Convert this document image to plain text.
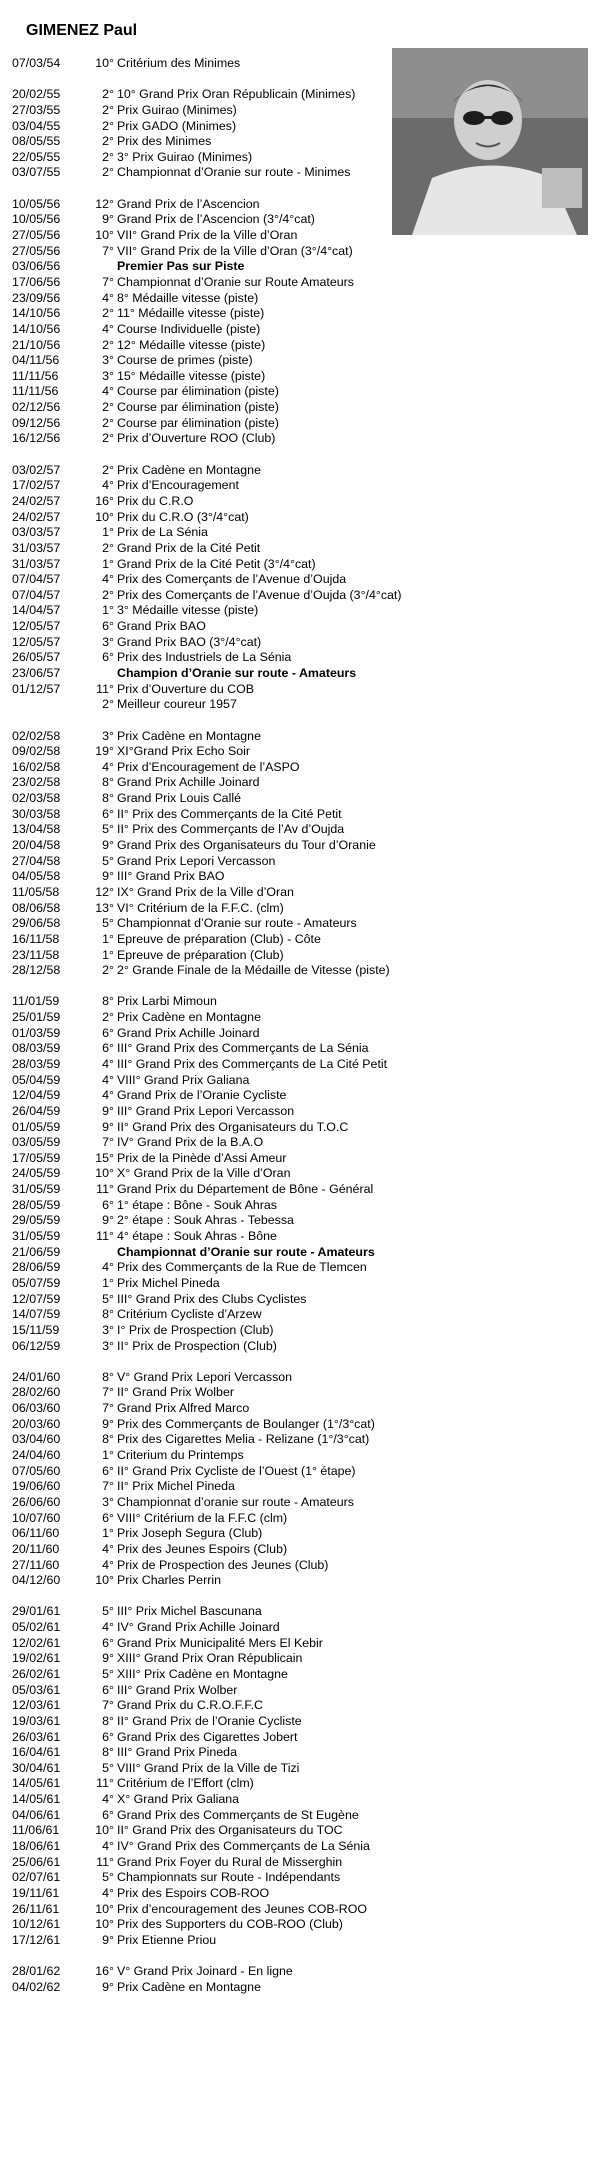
GIMENEZ Paul
07/03/54	10° Critérium des Minimes
20/02/55	2° 10° Grand Prix Oran Républicain (Minimes)
27/03/55	2° Prix Guirao (Minimes)
03/04/55	2° Prix GADO (Minimes)
08/05/55	2° Prix des Minimes
22/05/55	2° 3° Prix Guirao (Minimes)
03/07/55	2° Championnat d’Oranie sur route - Minimes
10/05/56	12° Grand Prix de l’Ascencion
10/05/56	9° Grand Prix de l’Ascencion (3°/4°cat)
27/05/56	10° VII° Grand Prix de la Ville d’Oran
27/05/56	7° VII° Grand Prix de la Ville d’Oran (3°/4°cat)
03/06/56	Premier Pas sur Piste
17/06/56	7° Championnat d’Oranie sur Route Amateurs
23/09/56	4° 8° Médaille vitesse (piste)
14/10/56	2° 11° Médaille vitesse (piste)
14/10/56	4° Course Individuelle (piste)
21/10/56	2° 12° Médaille vitesse (piste)
04/11/56	3° Course de primes (piste)
11/11/56	3° 15° Médaille vitesse (piste)
11/11/56	4° Course par élimination (piste)
02/12/56	2° Course par élimination (piste)
09/12/56	2° Course par élimination (piste)
16/12/56	2° Prix d’Ouverture ROO (Club)
03/02/57	2° Prix Cadène en Montagne
17/02/57	4° Prix d’Encouragement
24/02/57	16° Prix du C.R.O
24/02/57	10° Prix du C.R.O (3°/4°cat)
03/03/57	1° Prix de La Sénia
31/03/57	2° Grand Prix de la Cité Petit
31/03/57	1° Grand Prix de la Cité Petit (3°/4°cat)
07/04/57	4° Prix des Comerçants de l’Avenue d’Oujda
07/04/57	2° Prix des Comerçants de l’Avenue d’Oujda (3°/4°cat)
14/04/57	1° 3° Médaille vitesse (piste)
12/05/57	6° Grand Prix BAO
12/05/57	3° Grand Prix BAO (3°/4°cat)
26/05/57	6° Prix des Industriels de La Sénia
23/06/57	Champion d’Oranie sur route - Amateurs
01/12/57	11° Prix d’Ouverture du COB
2° Meilleur coureur 1957
02/02/58	3° Prix Cadène en Montagne
09/02/58	19° XI°Grand Prix Echo Soir
16/02/58	4° Prix d’Encouragement de l’ASPO
23/02/58	8° Grand Prix Achille Joinard
02/03/58	8° Grand Prix Louis Callé
30/03/58	6° II° Prix des Commerçants de la Cité Petit
13/04/58	5° II° Prix des Commerçants de l’Av d’Oujda
20/04/58	9° Grand Prix des Organisateurs du Tour d’Oranie
27/04/58	5° Grand Prix Lepori Vercasson
04/05/58	9° III° Grand Prix BAO
11/05/58	12° IX° Grand Prix de la Ville d’Oran
08/06/58	13° VI° Critérium de la F.F.C. (clm)
29/06/58	5° Championnat d’Oranie sur route - Amateurs
16/11/58	1° Epreuve de préparation (Club) - Côte
23/11/58	1° Epreuve de préparation (Club)
28/12/58	2° 2° Grande Finale de la Médaille de Vitesse (piste)
11/01/59	8° Prix Larbi Mimoun
25/01/59	2° Prix Cadène en Montagne
01/03/59	6° Grand Prix Achille Joinard
08/03/59	6° III° Grand Prix des Commerçants de La Sénia
28/03/59	4° III° Grand Prix des Commerçants de La Cité Petit
05/04/59	4° VIII° Grand Prix Galiana
12/04/59	4° Grand Prix de l’Oranie Cycliste
26/04/59	9° III° Grand Prix Lepori Vercasson
01/05/59	9° II° Grand Prix des Organisateurs du T.O.C
03/05/59	7° IV° Grand Prix de la B.A.O
17/05/59	15° Prix de la Pinède d’Assi Ameur
24/05/59	10° X° Grand Prix de la Ville d’Oran
31/05/59	11° Grand Prix du Département de Bône - Général
28/05/59	6° 1° étape : Bône - Souk Ahras
29/05/59	9° 2° étape : Souk Ahras - Tebessa
31/05/59	11° 4° étape : Souk Ahras - Bône
21/06/59	Championnat d’Oranie sur route - Amateurs
28/06/59	4° Prix des Commerçants de la Rue de Tlemcen
05/07/59	1° Prix Michel Pineda
12/07/59	5° III° Grand Prix des Clubs Cyclistes
14/07/59	8° Critérium Cycliste d’Arzew
15/11/59	3° I° Prix de Prospection (Club)
06/12/59	3° II° Prix de Prospection (Club)
24/01/60	8° V° Grand Prix Lepori Vercasson
28/02/60	7° II° Grand Prix Wolber
06/03/60	7° Grand Prix Alfred Marco
20/03/60	9° Prix des Commerçants de Boulanger (1°/3°cat)
03/04/60	8° Prix des Cigarettes Melia - Relizane (1°/3°cat)
24/04/60	1° Criterium du Printemps
07/05/60	6° II° Grand Prix Cycliste de l’Ouest (1° étape)
19/06/60	7° II° Prix Michel Pineda
26/06/60	3° Championnat d’oranie sur route - Amateurs
10/07/60	6° VIII° Critérium de la F.F.C (clm)
06/11/60	1° Prix Joseph Segura (Club)
20/11/60	4° Prix des Jeunes Espoirs (Club)
27/11/60	4° Prix de Prospection des Jeunes (Club)
04/12/60	10° Prix Charles Perrin
29/01/61	5° III° Prix Michel Bascunana
05/02/61	4° IV° Grand Prix Achille Joinard
12/02/61	6° Grand Prix Municipalité Mers El Kebir
19/02/61	9° XIII° Grand Prix Oran Républicain
26/02/61	5° XIII° Prix Cadène en Montagne
05/03/61	6° III° Grand Prix Wolber
12/03/61	7° Grand Prix du C.R.O.F.F.C
19/03/61	8° II° Grand Prix de l’Oranie Cycliste
26/03/61	6° Grand Prix des Cigarettes Jobert
16/04/61	8° III° Grand Prix Pineda
30/04/61	5° VIII° Grand Prix de la Ville de Tizi
14/05/61	11° Critérium de l’Effort (clm)
14/05/61	4° X° Grand Prix Galiana
04/06/61	6° Grand Prix des Commerçants de St Eugène
11/06/61	10° II° Grand Prix des Organisateurs du TOC
18/06/61	4° IV° Grand Prix des Commerçants de La Sénia
25/06/61	11° Grand Prix Foyer du Rural de Misserghin
02/07/61	5° Championnats sur Route - Indépendants
19/11/61	4° Prix des Espoirs COB-ROO
26/11/61	10° Prix d’encouragement des Jeunes COB-ROO
10/12/61	10° Prix des Supporters du COB-ROO (Club)
17/12/61	9° Prix Etienne Priou
28/01/62	16° V° Grand Prix Joinard - En ligne
04/02/62	9° Prix Cadène en Montagne
